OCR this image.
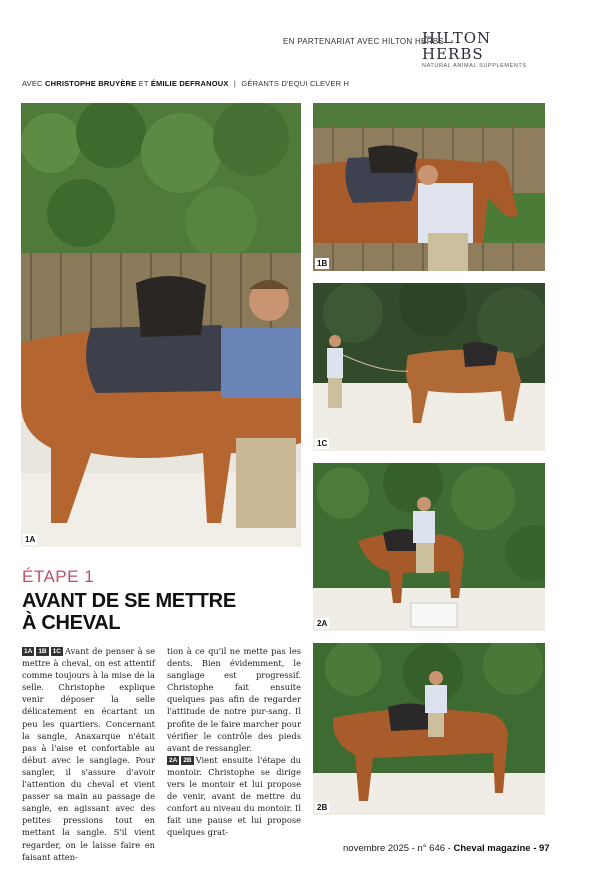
EN PARTENARIAT AVEC HILTON HERBS
HILTON HERBS
NATURAL ANIMAL SUPPLEMENTS
AVEC CHRISTOPHE BRUYÈRE ET ÉMILIE DEFRANOUX | GÉRANTS D'EQUI CLEVER H
1A
1B
1C
2A
2B
ÉTAPE 1
AVANT DE SE METTRE
À CHEVAL
1A 1B 1C Avant de penser à se mettre à cheval, on est attentif comme toujours à la mise de la selle. Christophe explique venir déposer la selle délicatement en écartant un peu les quartiers. Concernant la sangle, Anaxarque n'était pas à l'aise et confortable au début avec le sanglage. Pour sangler, il s'assure d'avoir l'attention du cheval et vient passer sa main au passage de sangle, en agissant avec des petites pressions tout en mettant la sangle. S'il vient regarder, on le laisse faire en faisant atten-
tion à ce qu'il ne mette pas les dents. Bien évidemment, le sanglage est progressif. Christophe fait ensuite quelques pas afin de regarder l'attitude de notre pur-sang. Il profite de le faire marcher pour vérifier le contrôle des pieds avant de ressangler.
2A 2B Vient ensuite l'étape du montoir. Christophe se dirige vers le montoir et lui propose de venir, avant de mettre du confort au niveau du montoir. Il fait une pause et lui propose quelques grat-
novembre 2025 - n° 646 - Cheval magazine - 97
